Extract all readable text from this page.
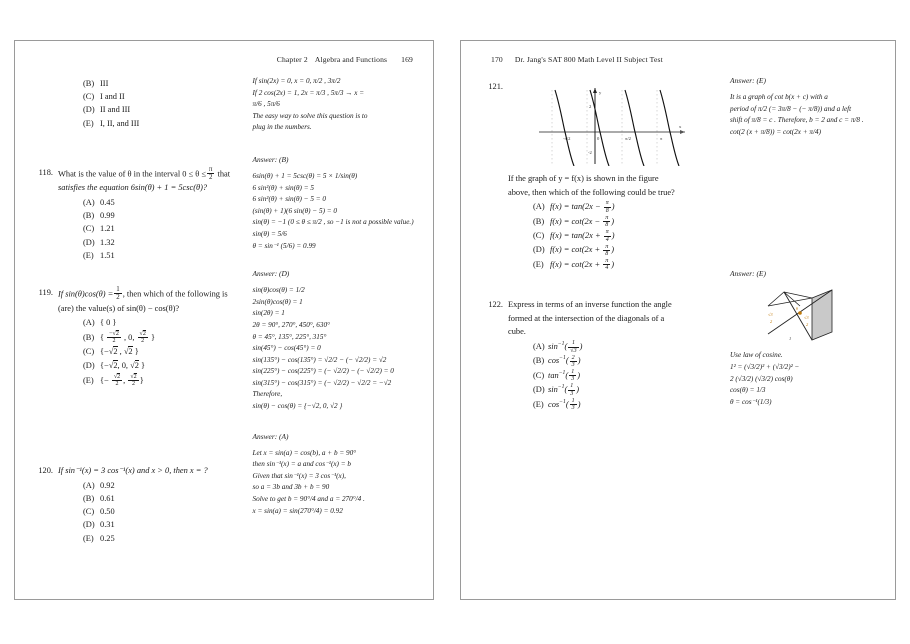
Chapter 2 Algebra and Functions 169
(B) III
(C) I and II
(D) II and III
(E) I, II, and III
118. What is the value of θ in the interval $0 \le \theta \le \frac{\pi}{2}$ that
satisfies the equation 6sin(θ) + 1 = 5csc(θ)?
(A) 0.45
(B) 0.99
(C) 1.21
(D) 1.32
(E) 1.51
119. If $\sin(\theta)\cos(\theta) = \frac{1}{2}$ , then which of the following is
(are) the value(s) of sin(θ) − cos(θ)?
(A) { 0 }
(B) { $\frac{-√2}{2}$ , 0, $\frac{√2}{2}$ }
(C) {−√2 , √2 }
(D) {−√2, 0, √2 }
(E) {− $\frac{√2}{2}$ , $\frac{√2}{2}$ }
120. If sin⁻¹(x) = 3 cos⁻¹(x) and x > 0, then x = ?
(A) 0.92
(B) 0.61
(C) 0.50
(D) 0.31
(E) 0.25
If sin(2x) = 0, x = 0, π/2 , 3π/2
If 2 cos(2x) = 1, 2x = π/3 , 5π/3 → x =
π/6 , 5π/6
The easy way to solve this question is to
plug in the numbers.
Answer: (B)
6sin(θ) + 1 = 5csc(θ) = 5 × 1/sin(θ)
6 sin²(θ) + sin(θ) = 5
6 sin²(θ) + sin(θ) − 5 = 0
(sin(θ) + 1)(6 sin(θ) − 5) = 0
sin(θ) = −1 (0 ≤ θ ≤ π/2 , so −1 is not a possible value.)
sin(θ) = 5/6
θ = sin⁻¹ (5/6) = 0.99
Answer: (D)
sin(θ)cos(θ) = 1/2
2sin(θ)cos(θ) = 1
sin(2θ) = 1
2θ = 90°, 270°, 450°, 630°
θ = 45°, 135°, 225°, 315°
sin(45°) − cos(45°) = 0
sin(135°) − cos(135°) = √2/2 − (− √2/2) = √2
sin(225°) − cos(225°) = (− √2/2) − (− √2/2) = 0
sin(315°) − cos(315°) = (− √2/2) − √2/2 = −√2
Therefore,
sin(θ) − cos(θ) = {−√2, 0, √2 }
Answer: (A)
Let x = sin(a) = cos(b), a + b = 90°
then sin⁻¹(x) = a and cos⁻¹(x) = b
Given that sin⁻¹(x) = 3 cos⁻¹(x),
so a = 3b and 3b + b = 90
Solve to get b = 90°/4 and a = 270°/4 .
x = sin(a) = sin(270°/4) = 0.92
170 Dr. Jang's SAT 800 Math Level II Subject Test
121.
-π/2	0	π/2	π
2
-2
x
y
If the graph of y = f(x) is shown in the figure
above, then which of the following could be true?
(A) $f(x) = \tan(2x - \frac{\pi}{8}$ )
(B) $f(x) = \cot(2x - \frac{\pi}{8}$ )
(C) $f(x) = \tan(2x + \frac{\pi}{4}$ )
(D) $f(x) = \cot(2x + \frac{\pi}{8}$ )
(E) $f(x) = \cot(2x + \frac{\pi}{4}$ )
122. Express in terms of an inverse function the angle
formed at the intersection of the diagonals of a
cube.
(A) $\sin^{-1}( \frac{1}{√3}$ )
(B) $\cos^{-1}( \frac{2}{3}$ )
(C) $\tan^{-1}( \frac{1}{3}$ )
(D) $\sin^{-1}( \frac{1}{3}$ )
(E) $\cos^{-1}( \frac{1}{3}$ )
Answer: (E)
It is a graph of cot b(x + c) with a
period of π/2 (= 3π/8 − (− π/8)) and a left
shift of π/8 = c . Therefore, b = 2 and c = π/8 .
cot(2 (x + π/8)) = cot(2x + π/4)
Answer: (E)
√3
2
√3
2
1
θ
Use law of cosine.
1² = (√3/2)² + (√3/2)² −
2 (√3/2) (√3/2) cos(θ)
cos(θ) = 1/3
θ = cos⁻¹(1/3)
